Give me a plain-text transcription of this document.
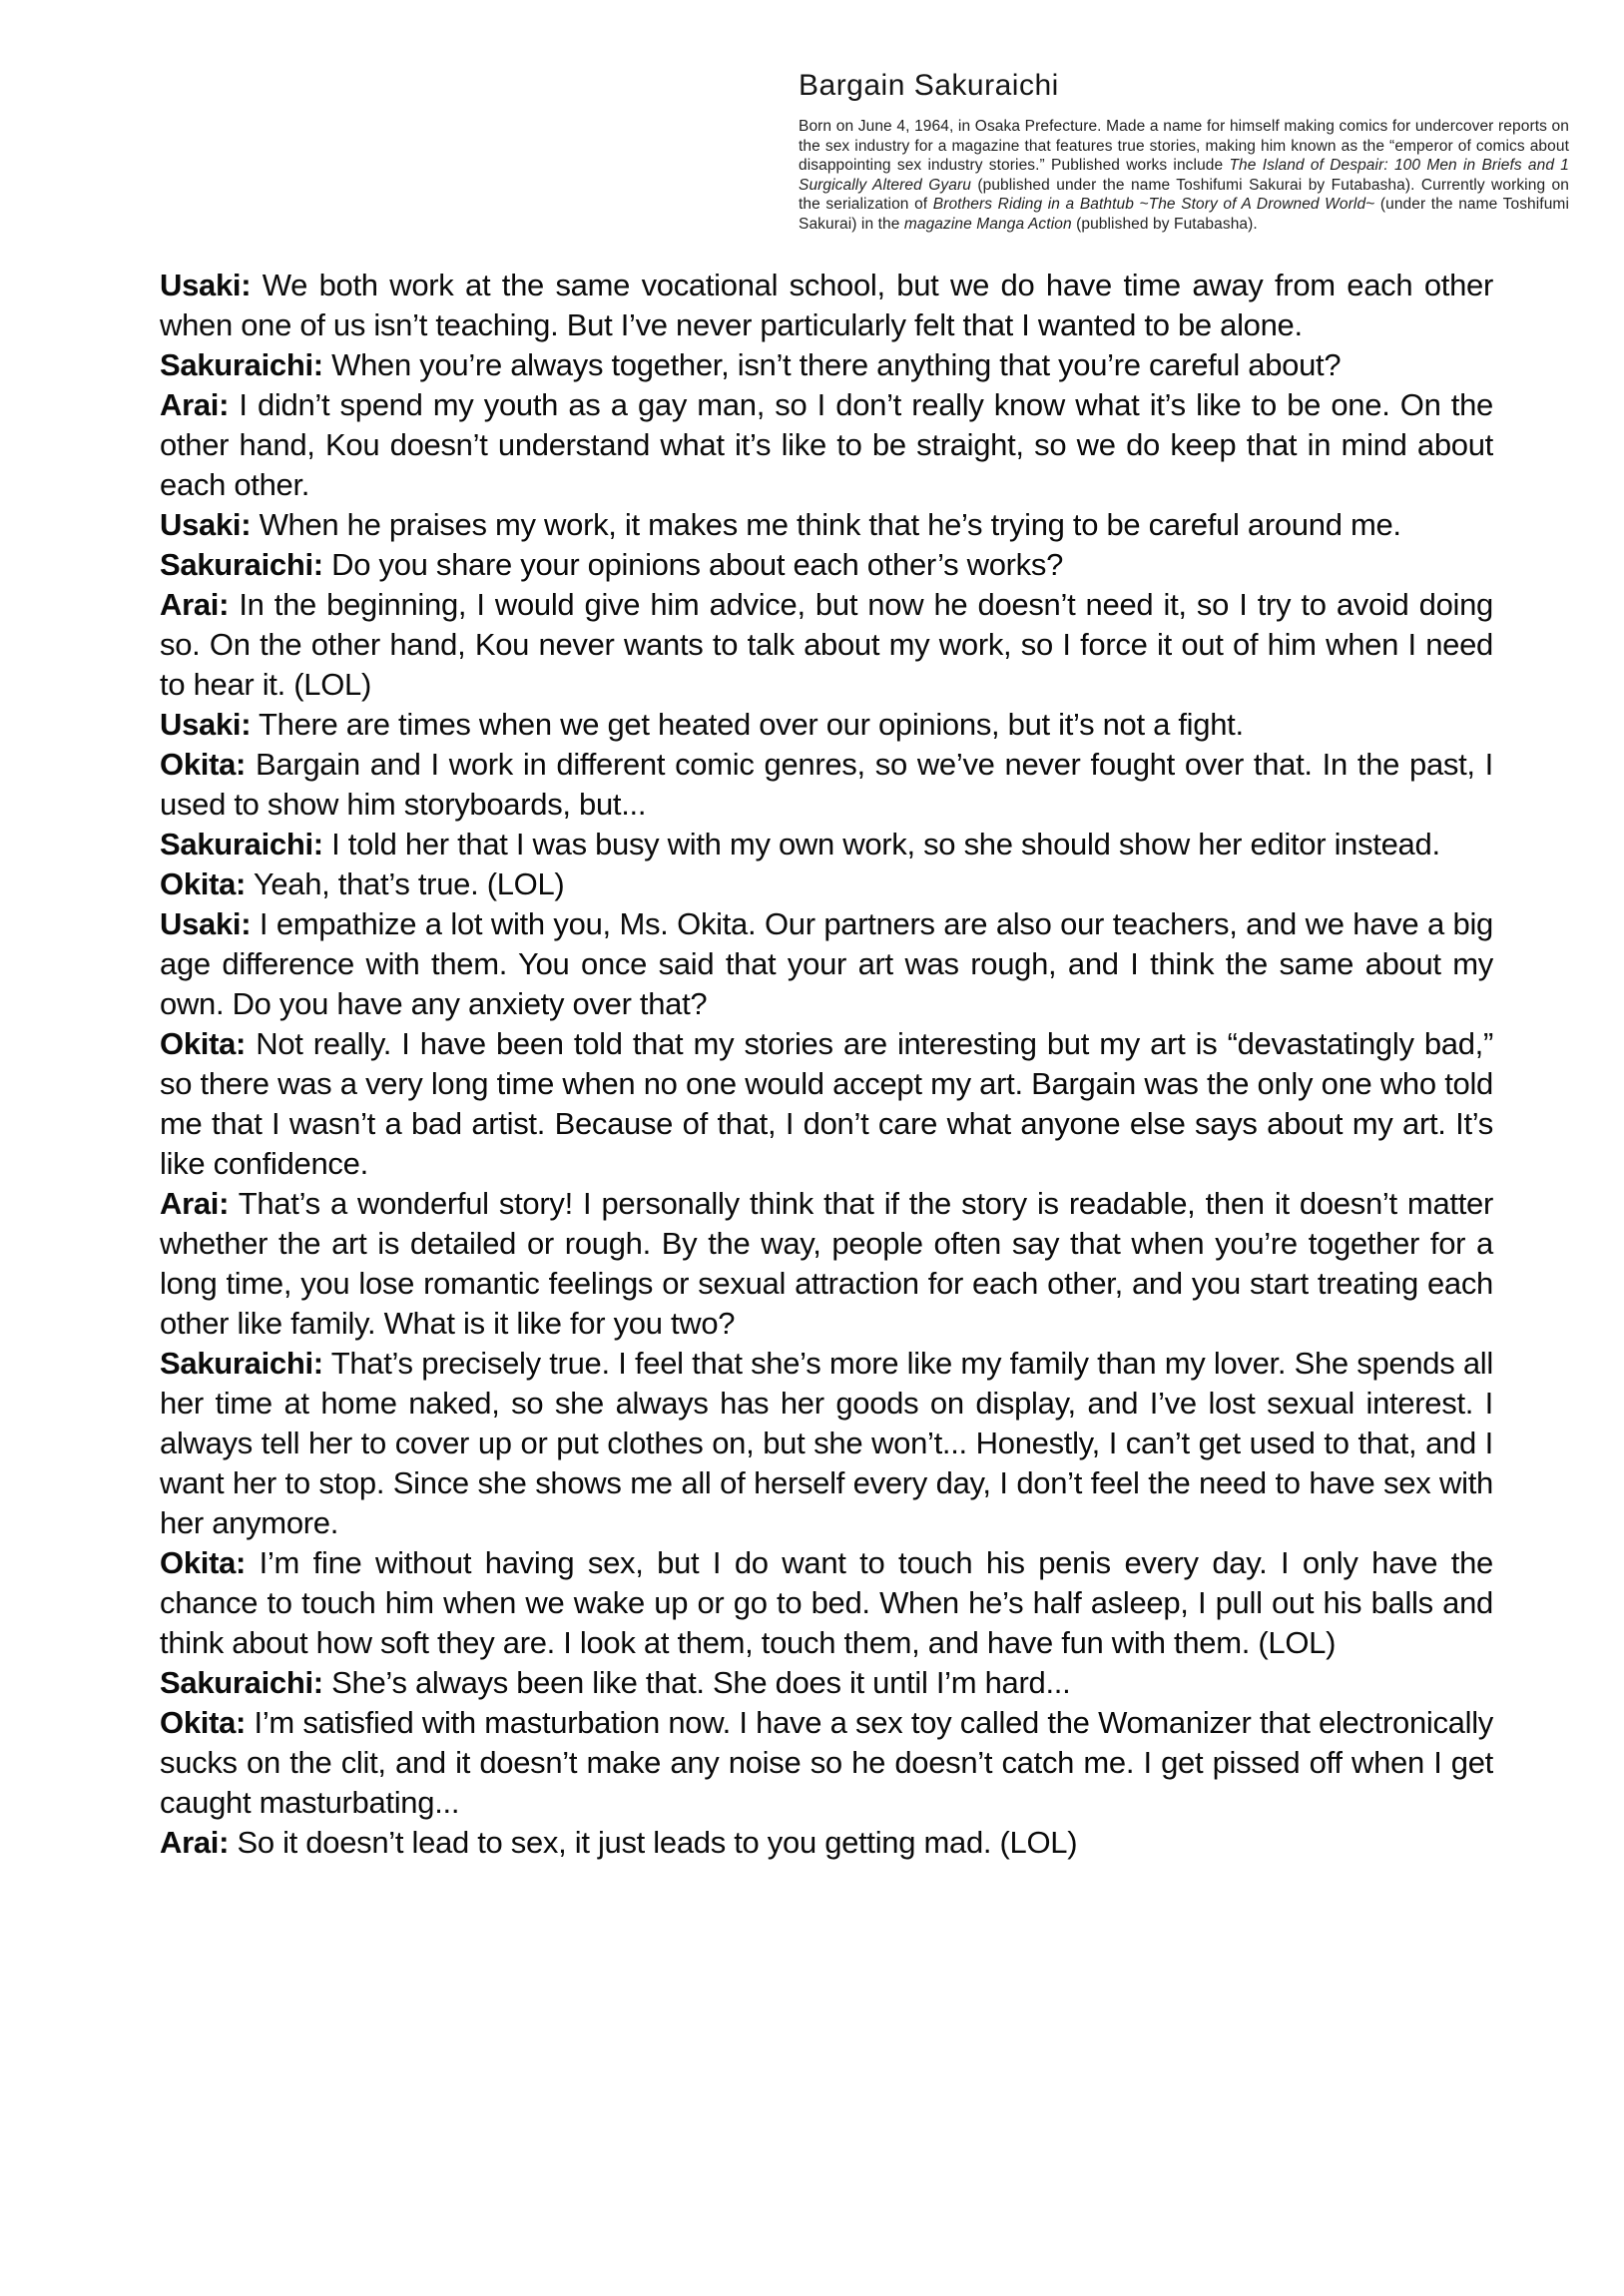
Bargain Sakuraichi

Born on June 4, 1964, in Osaka Prefecture. Made a name for himself making comics for undercover reports on the sex industry for a magazine that features true stories, making him known as the “emperor of comics about disappointing sex industry stories.” Published works include The Island of Despair: 100 Men in Briefs and 1 Surgically Altered Gyaru (published under the name Toshifumi Sakurai by Futabasha). Currently working on the serialization of Brothers Riding in a Bathtub ~The Story of A Drowned World~ (under the name Toshifumi Sakurai) in the magazine Manga Action (published by Futabasha).

Usaki: We both work at the same vocational school, but we do have time away from each other when one of us isn’t teaching. But I’ve never particularly felt that I wanted to be alone.

Sakuraichi: When you’re always together, isn’t there anything that you’re careful about?

Arai: I didn’t spend my youth as a gay man, so I don’t really know what it’s like to be one. On the other hand, Kou doesn’t understand what it’s like to be straight, so we do keep that in mind about each other.

Usaki: When he praises my work, it makes me think that he’s trying to be careful around me.

Sakuraichi: Do you share your opinions about each other’s works?

Arai: In the beginning, I would give him advice, but now he doesn’t need it, so I try to avoid doing so. On the other hand, Kou never wants to talk about my work, so I force it out of him when I need to hear it. (LOL)

Usaki: There are times when we get heated over our opinions, but it’s not a fight.

Okita: Bargain and I work in different comic genres, so we’ve never fought over that. In the past, I used to show him storyboards, but...

Sakuraichi: I told her that I was busy with my own work, so she should show her editor instead.

Okita: Yeah, that’s true. (LOL)

Usaki: I empathize a lot with you, Ms. Okita. Our partners are also our teachers, and we have a big age difference with them. You once said that your art was rough, and I think the same about my own. Do you have any anxiety over that?

Okita: Not really. I have been told that my stories are interesting but my art is “devastatingly bad,” so there was a very long time when no one would accept my art. Bargain was the only one who told me that I wasn’t a bad artist. Because of that, I don’t care what anyone else says about my art. It’s like confidence.

Arai: That’s a wonderful story! I personally think that if the story is readable, then it doesn’t matter whether the art is detailed or rough. By the way, people often say that when you’re together for a long time, you lose romantic feelings or sexual attraction for each other, and you start treating each other like family. What is it like for you two?

Sakuraichi: That’s precisely true. I feel that she’s more like my family than my lover. She spends all her time at home naked, so she always has her goods on display, and I’ve lost sexual interest. I always tell her to cover up or put clothes on, but she won’t... Honestly, I can’t get used to that, and I want her to stop. Since she shows me all of herself every day, I don’t feel the need to have sex with her anymore.

Okita: I’m fine without having sex, but I do want to touch his penis every day. I only have the chance to touch him when we wake up or go to bed. When he’s half asleep, I pull out his balls and think about how soft they are. I look at them, touch them, and have fun with them. (LOL)

Sakuraichi: She’s always been like that. She does it until I’m hard...

Okita: I’m satisfied with masturbation now. I have a sex toy called the Womanizer that electronically sucks on the clit, and it doesn’t make any noise so he doesn’t catch me. I get pissed off when I get caught masturbating...

Arai: So it doesn’t lead to sex, it just leads to you getting mad. (LOL)
